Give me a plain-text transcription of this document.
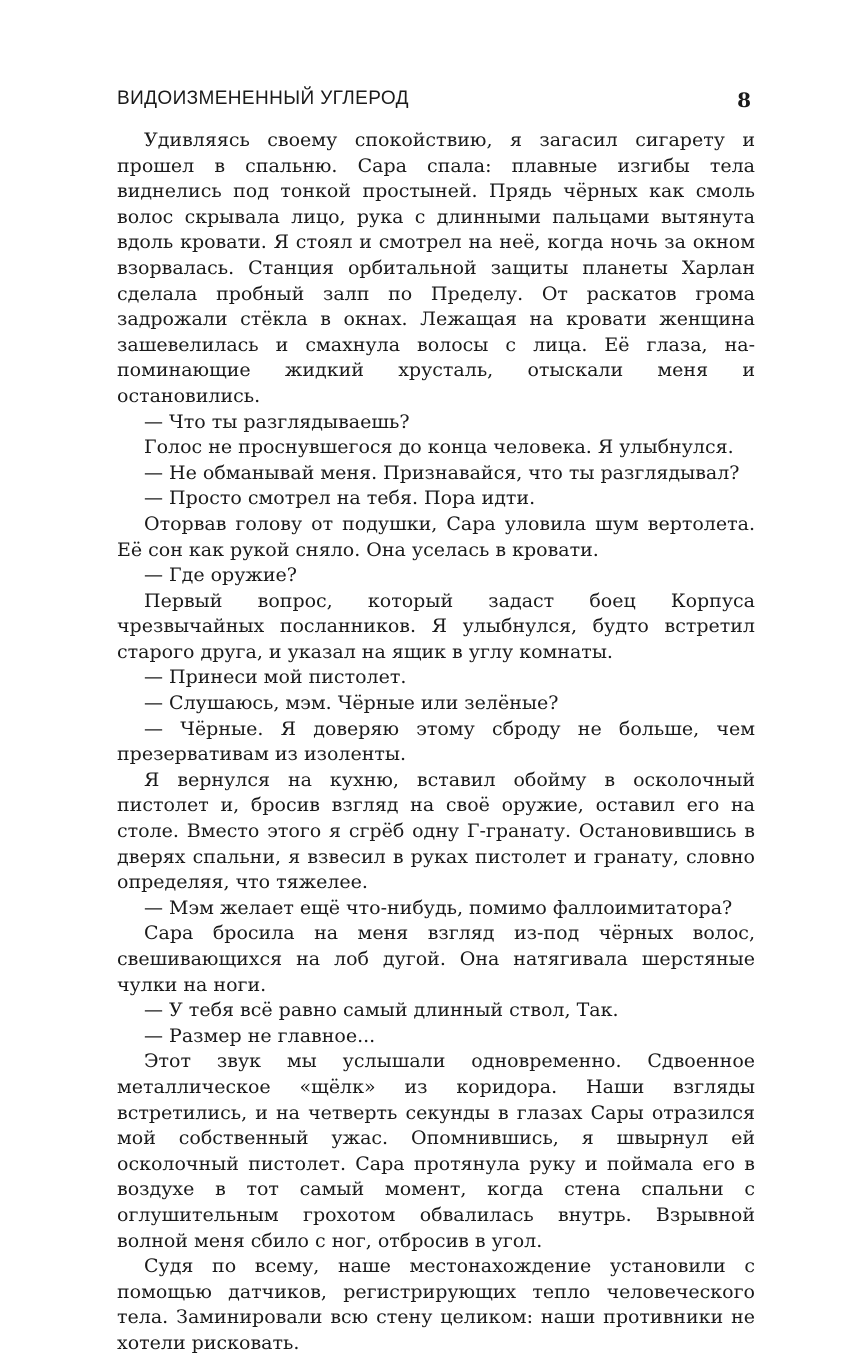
ВИДОИЗМЕНЕННЫЙ УГЛЕРОД	8

Удивляясь своему спокойствию, я загасил сигарету и прошел в спальню. Сара спала: плавные изгибы тела виднелись под тонкой простыней. Прядь чёрных как смоль волос скрывала лицо, рука с длинными пальцами вытянута вдоль кровати. Я стоял и смотрел на неё, когда ночь за окном взорвалась. Станция орбитальной защиты планеты Харлан сделала пробный залп по Пределу. От раскатов грома задрожали стёкла в окнах. Лежащая на кровати женщина зашевелилась и смахнула волосы с лица. Её глаза, напоминающие жидкий хрусталь, отыскали меня и остановились.

— Что ты разглядываешь?

Голос не проснувшегося до конца человека. Я улыбнулся.

— Не обманывай меня. Признавайся, что ты разглядывал?

— Просто смотрел на тебя. Пора идти.

Оторвав голову от подушки, Сара уловила шум вертолета. Её сон как рукой сняло. Она уселась в кровати.

— Где оружие?

Первый вопрос, который задаст боец Корпуса чрезвычайных посланников. Я улыбнулся, будто встретил старого друга, и указал на ящик в углу комнаты.

— Принеси мой пистолет.

— Слушаюсь, мэм. Чёрные или зелёные?

— Чёрные. Я доверяю этому сброду не больше, чем презервативам из изоленты.

Я вернулся на кухню, вставил обойму в осколочный пистолет и, бросив взгляд на своё оружие, оставил его на столе. Вместо этого я сгрёб одну Г-гранату. Остановившись в дверях спальни, я взвесил в руках пистолет и гранату, словно определяя, что тяжелее.

— Мэм желает ещё что-нибудь, помимо фаллоимитатора?

Сара бросила на меня взгляд из-под чёрных волос, свешивающихся на лоб дугой. Она натягивала шерстяные чулки на ноги.

— У тебя всё равно самый длинный ствол, Так.

— Размер не главное...

Этот звук мы услышали одновременно. Сдвоенное металлическое «щёлк» из коридора. Наши взгляды встретились, и на четверть секунды в глазах Сары отразился мой собственный ужас. Опомнившись, я швырнул ей осколочный пистолет. Сара протянула руку и поймала его в воздухе в тот самый момент, когда стена спальни с оглушительным грохотом обвалилась внутрь. Взрывной волной меня сбило с ног, отбросив в угол.

Судя по всему, наше местонахождение установили с помощью датчиков, регистрирующих тепло человеческого тела. Заминировали всю стену целиком: наши противники не хотели рисковать.
